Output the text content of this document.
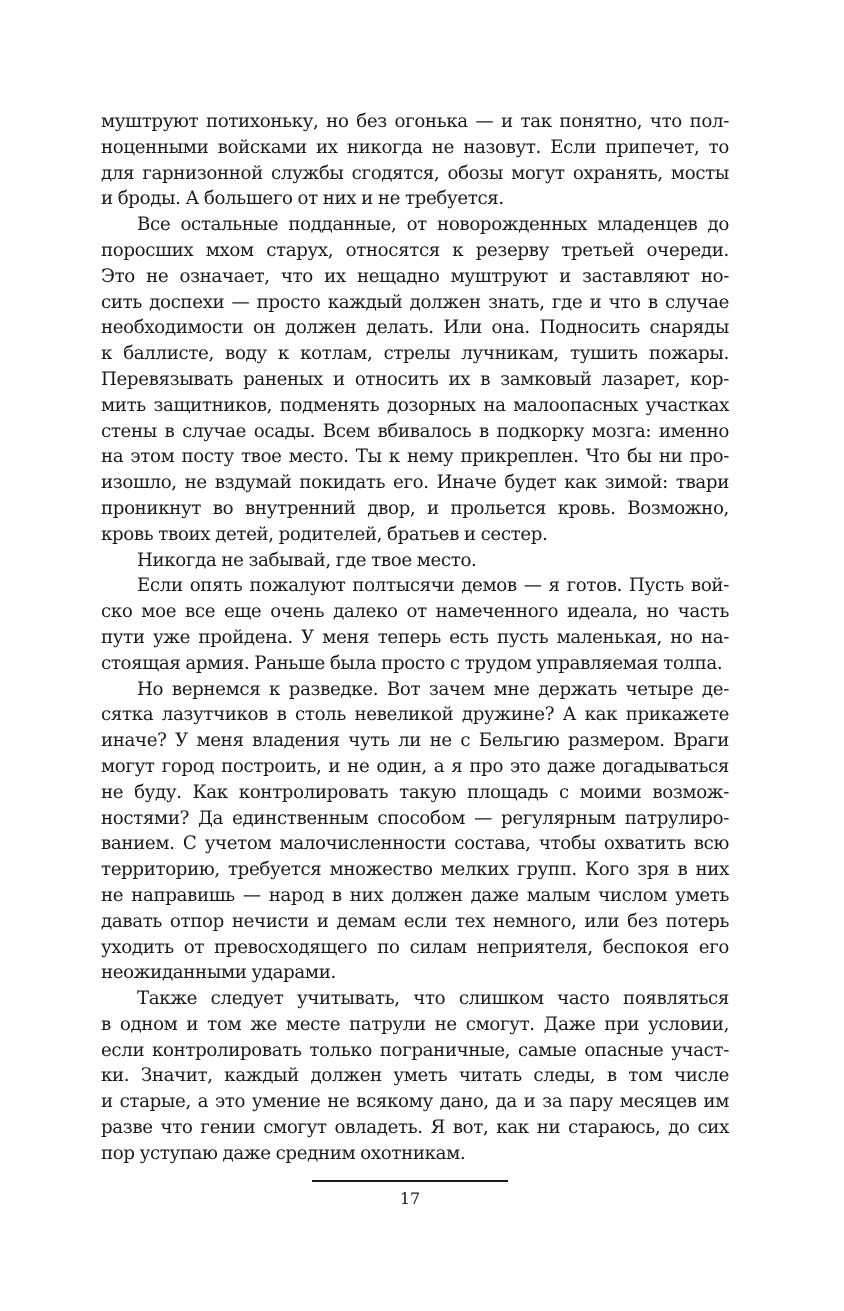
муштруют потихоньку, но без огонька — и так понятно, что пол-
ноценными войсками их никогда не назовут. Если припечет, то
для гарнизонной службы сгодятся, обозы могут охранять, мосты
и броды. А большего от них и не требуется.
Все остальные подданные, от новорожденных младенцев до
поросших мхом старух, относятся к резерву третьей очереди.
Это не означает, что их нещадно муштруют и заставляют но-
сить доспехи — просто каждый должен знать, где и что в случае
необходимости он должен делать. Или она. Подносить снаряды
к баллисте, воду к котлам, стрелы лучникам, тушить пожары.
Перевязывать раненых и относить их в замковый лазарет, кор-
мить защитников, подменять дозорных на малоопасных участках
стены в случае осады. Всем вбивалось в подкорку мозга: именно
на этом посту твое место. Ты к нему прикреплен. Что бы ни про-
изошло, не вздумай покидать его. Иначе будет как зимой: твари
проникнут во внутренний двор, и прольется кровь. Возможно,
кровь твоих детей, родителей, братьев и сестер.
Никогда не забывай, где твое место.
Если опять пожалуют полтысячи демов — я готов. Пусть вой-
ско мое все еще очень далеко от намеченного идеала, но часть
пути уже пройдена. У меня теперь есть пусть маленькая, но на-
стоящая армия. Раньше была просто с трудом управляемая толпа.
Но вернемся к разведке. Вот зачем мне держать четыре де-
сятка лазутчиков в столь невеликой дружине? А как прикажете
иначе? У меня владения чуть ли не с Бельгию размером. Враги
могут город построить, и не один, а я про это даже догадываться
не буду. Как контролировать такую площадь с моими возмож-
ностями? Да единственным способом — регулярным патрулиро-
ванием. С учетом малочисленности состава, чтобы охватить всю
территорию, требуется множество мелких групп. Кого зря в них
не направишь — народ в них должен даже малым числом уметь
давать отпор нечисти и демам если тех немного, или без потерь
уходить от превосходящего по силам неприятеля, беспокоя его
неожиданными ударами.
Также следует учитывать, что слишком часто появляться
в одном и том же месте патрули не смогут. Даже при условии,
если контролировать только пограничные, самые опасные участ-
ки. Значит, каждый должен уметь читать следы, в том числе
и старые, а это умение не всякому дано, да и за пару месяцев им
разве что гении смогут овладеть. Я вот, как ни стараюсь, до сих
пор уступаю даже средним охотникам.
17
